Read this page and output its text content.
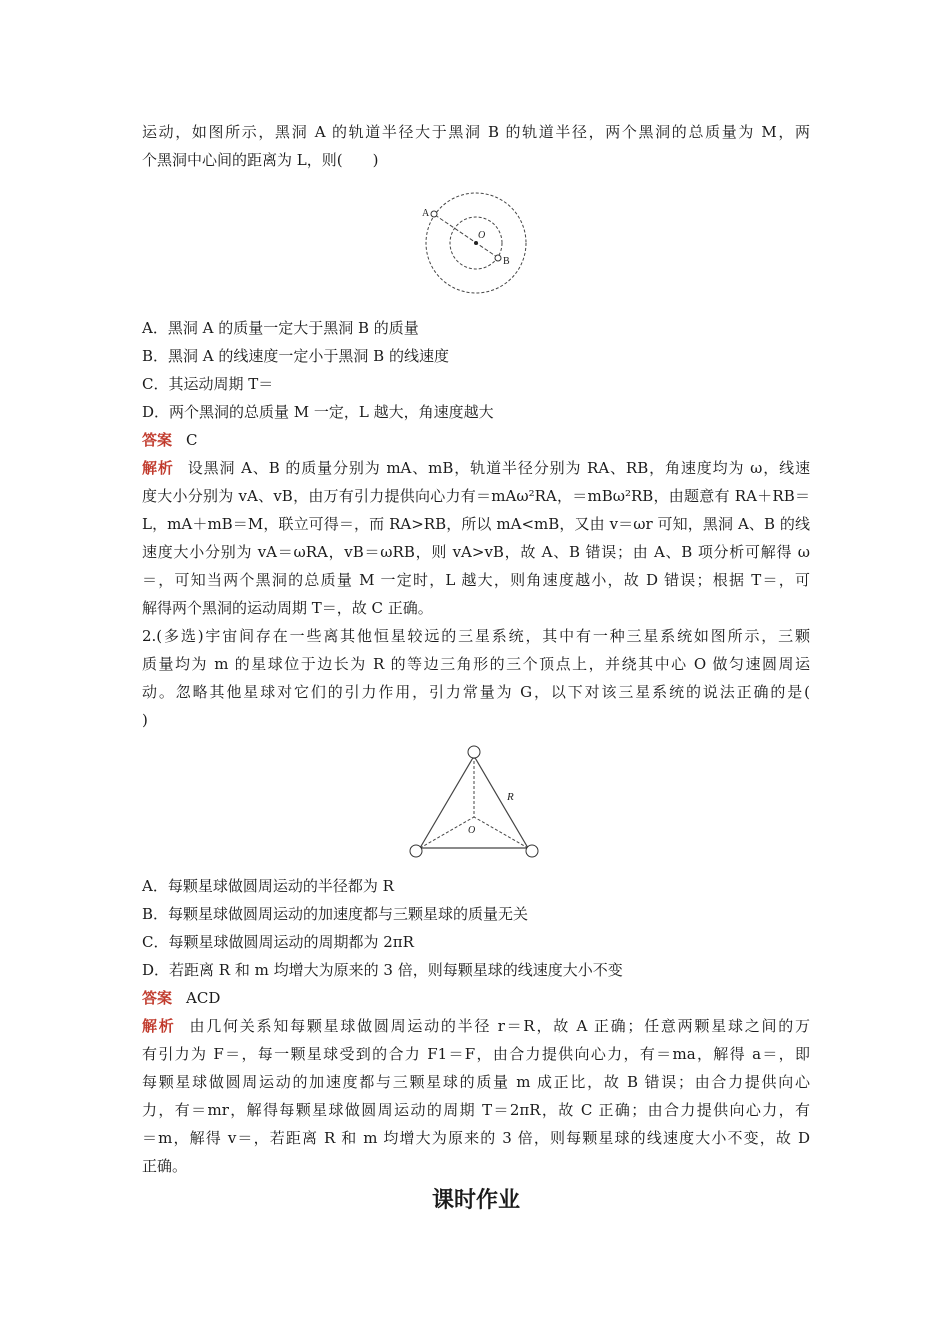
运动，如图所示，黑洞 A 的轨道半径大于黑洞 B 的轨道半径，两个黑洞的总质量为 M，两

个黑洞中心间的距离为 L，则(　　)

A
B
O

A．黑洞 A 的质量一定大于黑洞 B 的质量

B．黑洞 A 的线速度一定小于黑洞 B 的线速度

C．其运动周期 T＝

D．两个黑洞的总质量 M 一定，L 越大，角速度越大

答案 C

解析 设黑洞 A、B 的质量分别为 mA、mB，轨道半径分别为 RA、RB，角速度均为 ω，线速

度大小分别为 vA、vB，由万有引力提供向心力有＝mAω²RA，＝mBω²RB，由题意有 RA＋RB＝

L，mA＋mB＝M，联立可得＝，而 RA>RB，所以 mA<mB，又由 v＝ωr 可知，黑洞 A、B 的线

速度大小分别为 vA＝ωRA，vB＝ωRB，则 vA>vB，故 A、B 错误；由 A、B 项分析可解得 ω

＝，可知当两个黑洞的总质量 M 一定时，L 越大，则角速度越小，故 D 错误；根据 T＝，可

解得两个黑洞的运动周期 T＝，故 C 正确。

2.(多选)宇宙间存在一些离其他恒星较远的三星系统，其中有一种三星系统如图所示，三颗

质量均为 m 的星球位于边长为 R 的等边三角形的三个顶点上，并绕其中心 O 做匀速圆周运

动。忽略其他星球对它们的引力作用，引力常量为 G，以下对该三星系统的说法正确的是(

)

R
O

A．每颗星球做圆周运动的半径都为 R

B．每颗星球做圆周运动的加速度都与三颗星球的质量无关

C．每颗星球做圆周运动的周期都为 2πR

D．若距离 R 和 m 均增大为原来的 3 倍，则每颗星球的线速度大小不变

答案 ACD

解析 由几何关系知每颗星球做圆周运动的半径 r＝R，故 A 正确；任意两颗星球之间的万

有引力为 F＝，每一颗星球受到的合力 F1＝F，由合力提供向心力，有＝ma，解得 a＝，即

每颗星球做圆周运动的加速度都与三颗星球的质量 m 成正比，故 B 错误；由合力提供向心

力，有＝mr，解得每颗星球做圆周运动的周期 T＝2πR，故 C 正确；由合力提供向心力，有

＝m，解得 v＝，若距离 R 和 m 均增大为原来的 3 倍，则每颗星球的线速度大小不变，故 D

正确。

课时作业
